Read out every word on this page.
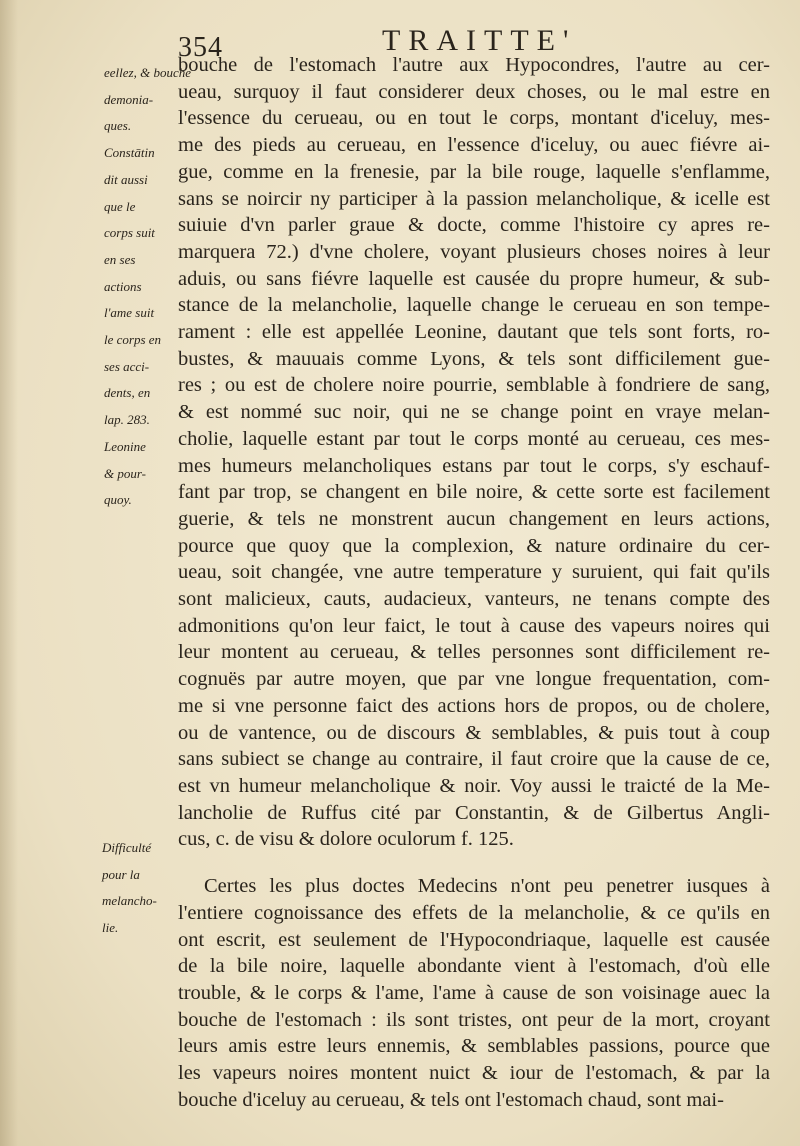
354	TRAITTE'
eellez, & bouche
demonia-
ques.
Constātin
dit aussi
que le
corps suit
en ses
actions
l'ame suit
le corps en
ses acci-
dents, en
lap. 283.
Leonine
& pour-
quoy.
Difficulté
pour la
melancho-
lie.
bouche de l'estomach l'autre aux Hypocondres, l'autre au cer-
ueau, surquoy il faut considerer deux choses, ou le mal estre en
l'essence du cerueau, ou en tout le corps, montant d'iceluy, mes-
me des pieds au cerueau, en l'essence d'iceluy, ou auec fiévre ai-
gue, comme en la frenesie, par la bile rouge, laquelle s'enflamme,
sans se noircir ny participer à la passion melancholique, & icelle est
suiuie d'vn parler graue & docte, comme l'histoire cy apres re-
marquera 72.) d'vne cholere, voyant plusieurs choses noires à leur
aduis, ou sans fiévre laquelle est causée du propre humeur, & sub-
stance de la melancholie, laquelle change le cerueau en son tempe-
rament : elle est appellée Leonine, dautant que tels sont forts, ro-
bustes, & mauuais comme Lyons, & tels sont difficilement gue-
res ; ou est de cholere noire pourrie, semblable à fondriere de sang,
& est nommé suc noir, qui ne se change point en vraye melan-
cholie, laquelle estant par tout le corps monté au cerueau, ces mes-
mes humeurs melancholiques estans par tout le corps, s'y eschauf-
fant par trop, se changent en bile noire, & cette sorte est facilement
guerie, & tels ne monstrent aucun changement en leurs actions,
pource que quoy que la complexion, & nature ordinaire du cer-
ueau, soit changée, vne autre temperature y suruient, qui fait qu'ils
sont malicieux, cauts, audacieux, vanteurs, ne tenans compte des
admonitions qu'on leur faict, le tout à cause des vapeurs noires qui
leur montent au cerueau, & telles personnes sont difficilement re-
cognuës par autre moyen, que par vne longue frequentation, com-
me si vne personne faict des actions hors de propos, ou de cholere,
ou de vantence, ou de discours & semblables, & puis tout à coup
sans subiect se change au contraire, il faut croire que la cause de ce,
est vn humeur melancholique & noir. Voy aussi le traicté de la Me-
lancholie de Ruffus cité par Constantin, & de Gilbertus Angli-
cus, c. de visu & dolore oculorum f. 125.
Certes les plus doctes Medecins n'ont peu penetrer iusques à
l'entiere cognoissance des effets de la melancholie, & ce qu'ils en
ont escrit, est seulement de l'Hypocondriaque, laquelle est causée
de la bile noire, laquelle abondante vient à l'estomach, d'où elle
trouble, & le corps & l'ame, l'ame à cause de son voisinage auec la
bouche de l'estomach : ils sont tristes, ont peur de la mort, croyant
leurs amis estre leurs ennemis, & semblables passions, pource que
les vapeurs noires montent nuict & iour de l'estomach, & par la
bouche d'iceluy au cerueau, & tels ont l'estomach chaud, sont mai-
